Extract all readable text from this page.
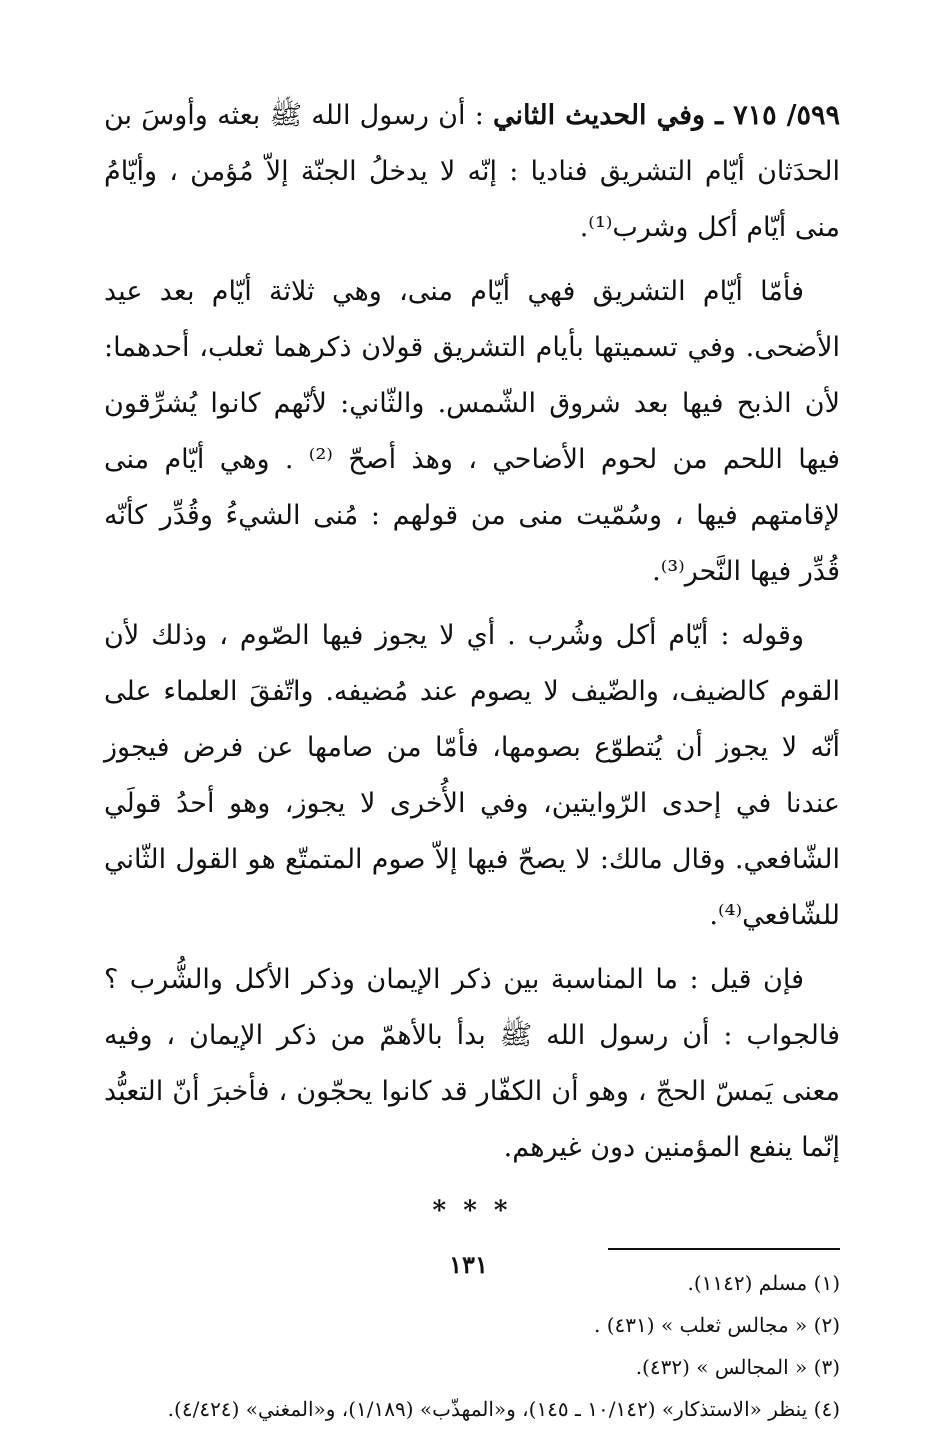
٥٩٩/ ٧١٥ ـ وفي الحديث الثاني : أن رسول الله ﷺ بعثه وأوسَ بن الحدَثان أيّام التشريق فناديا : إنّه لا يدخلُ الجنّة إلاّ مُؤمن ، وأيّامُ منى أيّام أكل وشرب⁽¹⁾.

فأمّا أيّام التشريق فهي أيّام منى، وهي ثلاثة أيّام بعد عيد الأضحى. وفي تسميتها بأيام التشريق قولان ذكرهما ثعلب، أحدهما: لأن الذبح فيها بعد شروق الشّمس. والثّاني: لأنّهم كانوا يُشرِّقون فيها اللحم من لحوم الأضاحي ، وهذ أصحّ ⁽²⁾ . وهي أيّام منى لإقامتهم فيها ، وسُمّيت منى من قولهم : مُنى الشيءُ وقُدِّر كأنّه قُدِّر فيها النَّحر⁽³⁾.

وقوله : أيّام أكل وشُرب . أي لا يجوز فيها الصّوم ، وذلك لأن القوم كالضيف، والضّيف لا يصوم عند مُضيفه. واتّفقَ العلماء على أنّه لا يجوز أن يُتطوّع بصومها، فأمّا من صامها عن فرض فيجوز عندنا في إحدى الرّوايتين، وفي الأُخرى لا يجوز، وهو أحدُ قولَي الشّافعي. وقال مالك: لا يصحّ فيها إلاّ صوم المتمتّع هو القول الثّاني للشّافعي⁽⁴⁾.

فإن قيل : ما المناسبة بين ذكر الإيمان وذكر الأكل والشُّرب ؟ فالجواب : أن رسول الله ﷺ بدأ بالأهمّ من ذكر الإيمان ، وفيه معنى يَمسّ الحجّ ، وهو أن الكفّار قد كانوا يحجّون ، فأخبرَ أنّ التعبُّد إنّما ينفع المؤمنين دون غيرهم.

* * *

(١) مسلم (١١٤٢).

(٢) « مجالس ثعلب » (٤٣١) .

(٣) « المجالس » (٤٣٢).

(٤) ينظر «الاستذكار» (١٠/١٤٢ ـ ١٤٥)، و«المهذّب» (١/١٨٩)، و«المغني» (٤/٤٢٤).

١٣١
